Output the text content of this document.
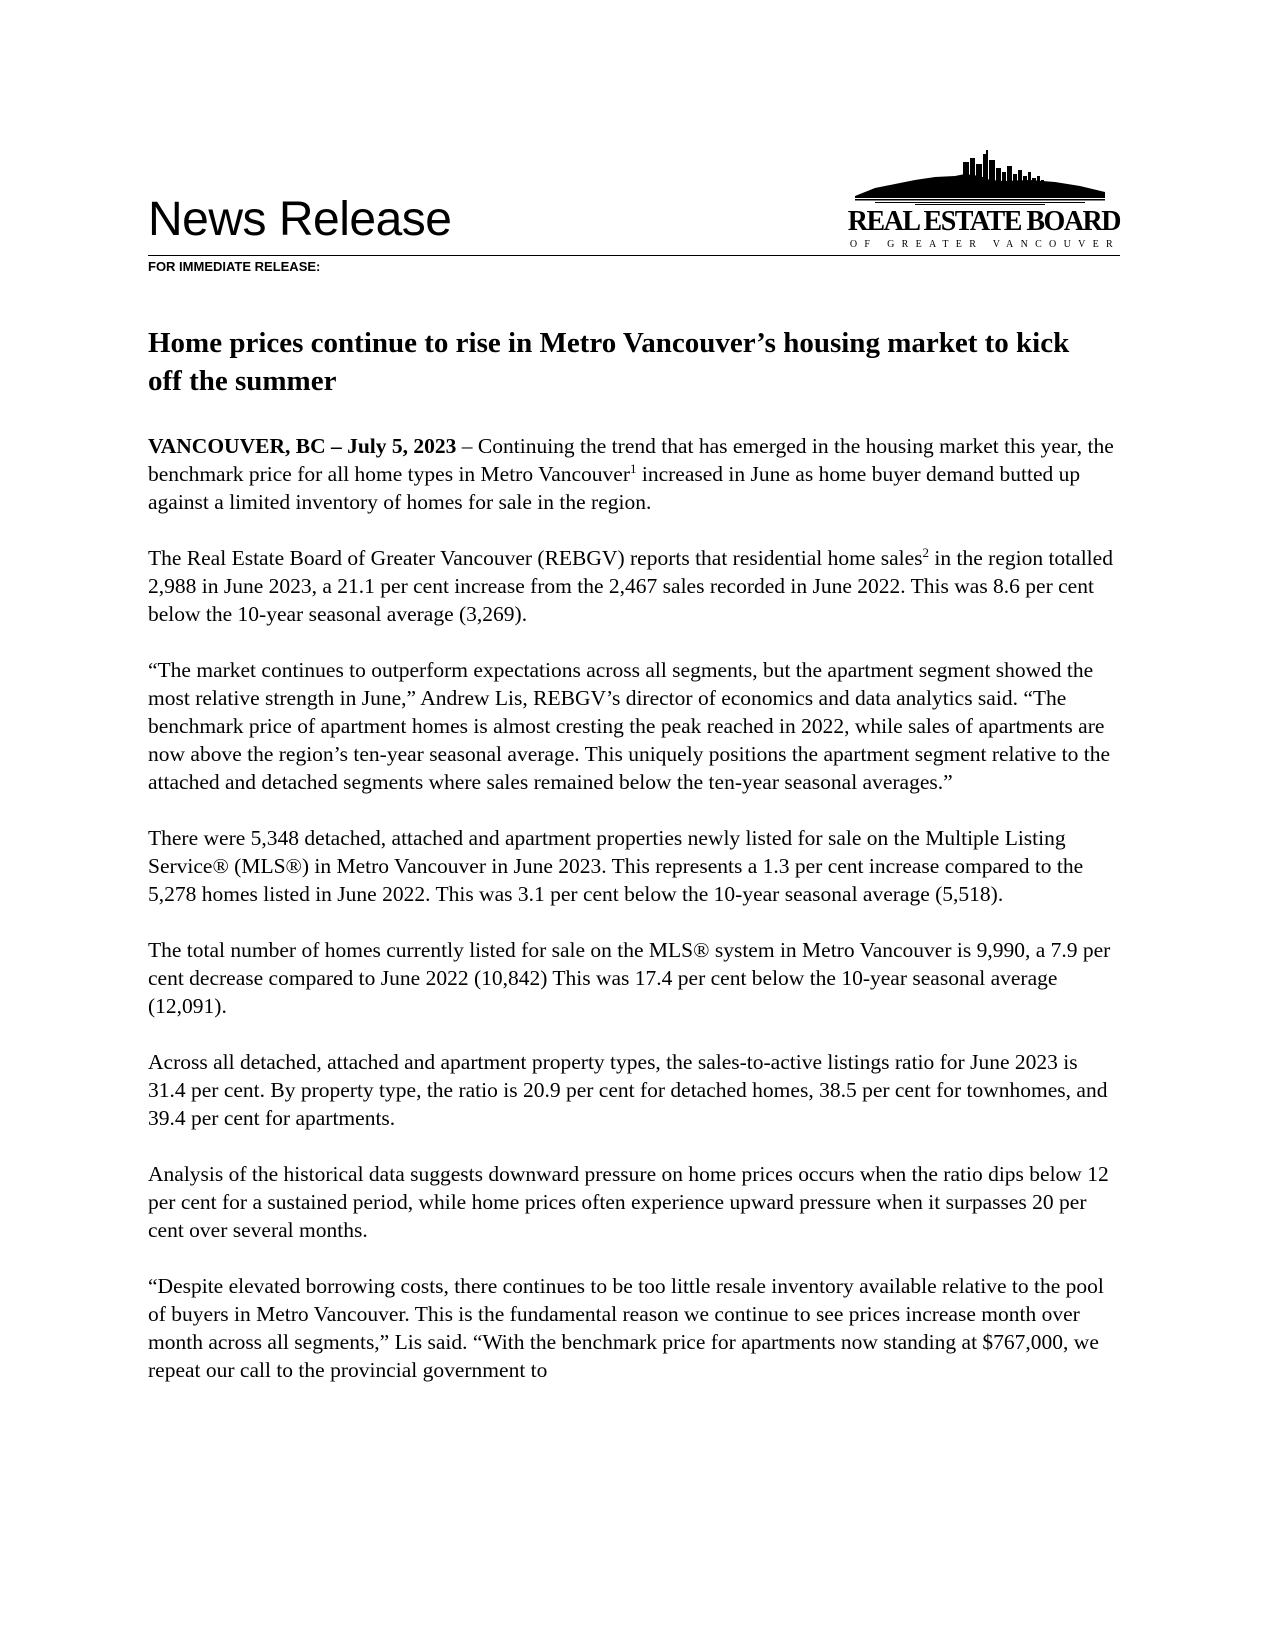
News Release	REAL ESTATE BOARD
OF GREATER VANCOUVER
FOR IMMEDIATE RELEASE:
Home prices continue to rise in Metro Vancouver’s housing market to kick off the summer

VANCOUVER, BC – July 5, 2023 – Continuing the trend that has emerged in the housing market this year, the benchmark price for all home types in Metro Vancouver$^1$ increased in June as home buyer demand butted up against a limited inventory of homes for sale in the region.

The Real Estate Board of Greater Vancouver (REBGV) reports that residential home sales$^2$ in the region totalled 2,988 in June 2023, a 21.1 per cent increase from the 2,467 sales recorded in June 2022. This was 8.6 per cent below the 10-year seasonal average (3,269).

“The market continues to outperform expectations across all segments, but the apartment segment showed the most relative strength in June,” Andrew Lis, REBGV’s director of economics and data analytics said. “The benchmark price of apartment homes is almost cresting the peak reached in 2022, while sales of apartments are now above the region’s ten-year seasonal average. This uniquely positions the apartment segment relative to the attached and detached segments where sales remained below the ten-year seasonal averages.”

There were 5,348 detached, attached and apartment properties newly listed for sale on the Multiple Listing Service® (MLS®) in Metro Vancouver in June 2023. This represents a 1.3 per cent increase compared to the 5,278 homes listed in June 2022. This was 3.1 per cent below the 10-year seasonal average (5,518).

The total number of homes currently listed for sale on the MLS® system in Metro Vancouver is 9,990, a 7.9 per cent decrease compared to June 2022 (10,842) This was 17.4 per cent below the 10-year seasonal average (12,091).

Across all detached, attached and apartment property types, the sales-to-active listings ratio for June 2023 is 31.4 per cent. By property type, the ratio is 20.9 per cent for detached homes, 38.5 per cent for townhomes, and 39.4 per cent for apartments.

Analysis of the historical data suggests downward pressure on home prices occurs when the ratio dips below 12 per cent for a sustained period, while home prices often experience upward pressure when it surpasses 20 per cent over several months.

“Despite elevated borrowing costs, there continues to be too little resale inventory available relative to the pool of buyers in Metro Vancouver. This is the fundamental reason we continue to see prices increase month over month across all segments,” Lis said. “With the benchmark price for apartments now standing at $767,000, we repeat our call to the provincial government to
